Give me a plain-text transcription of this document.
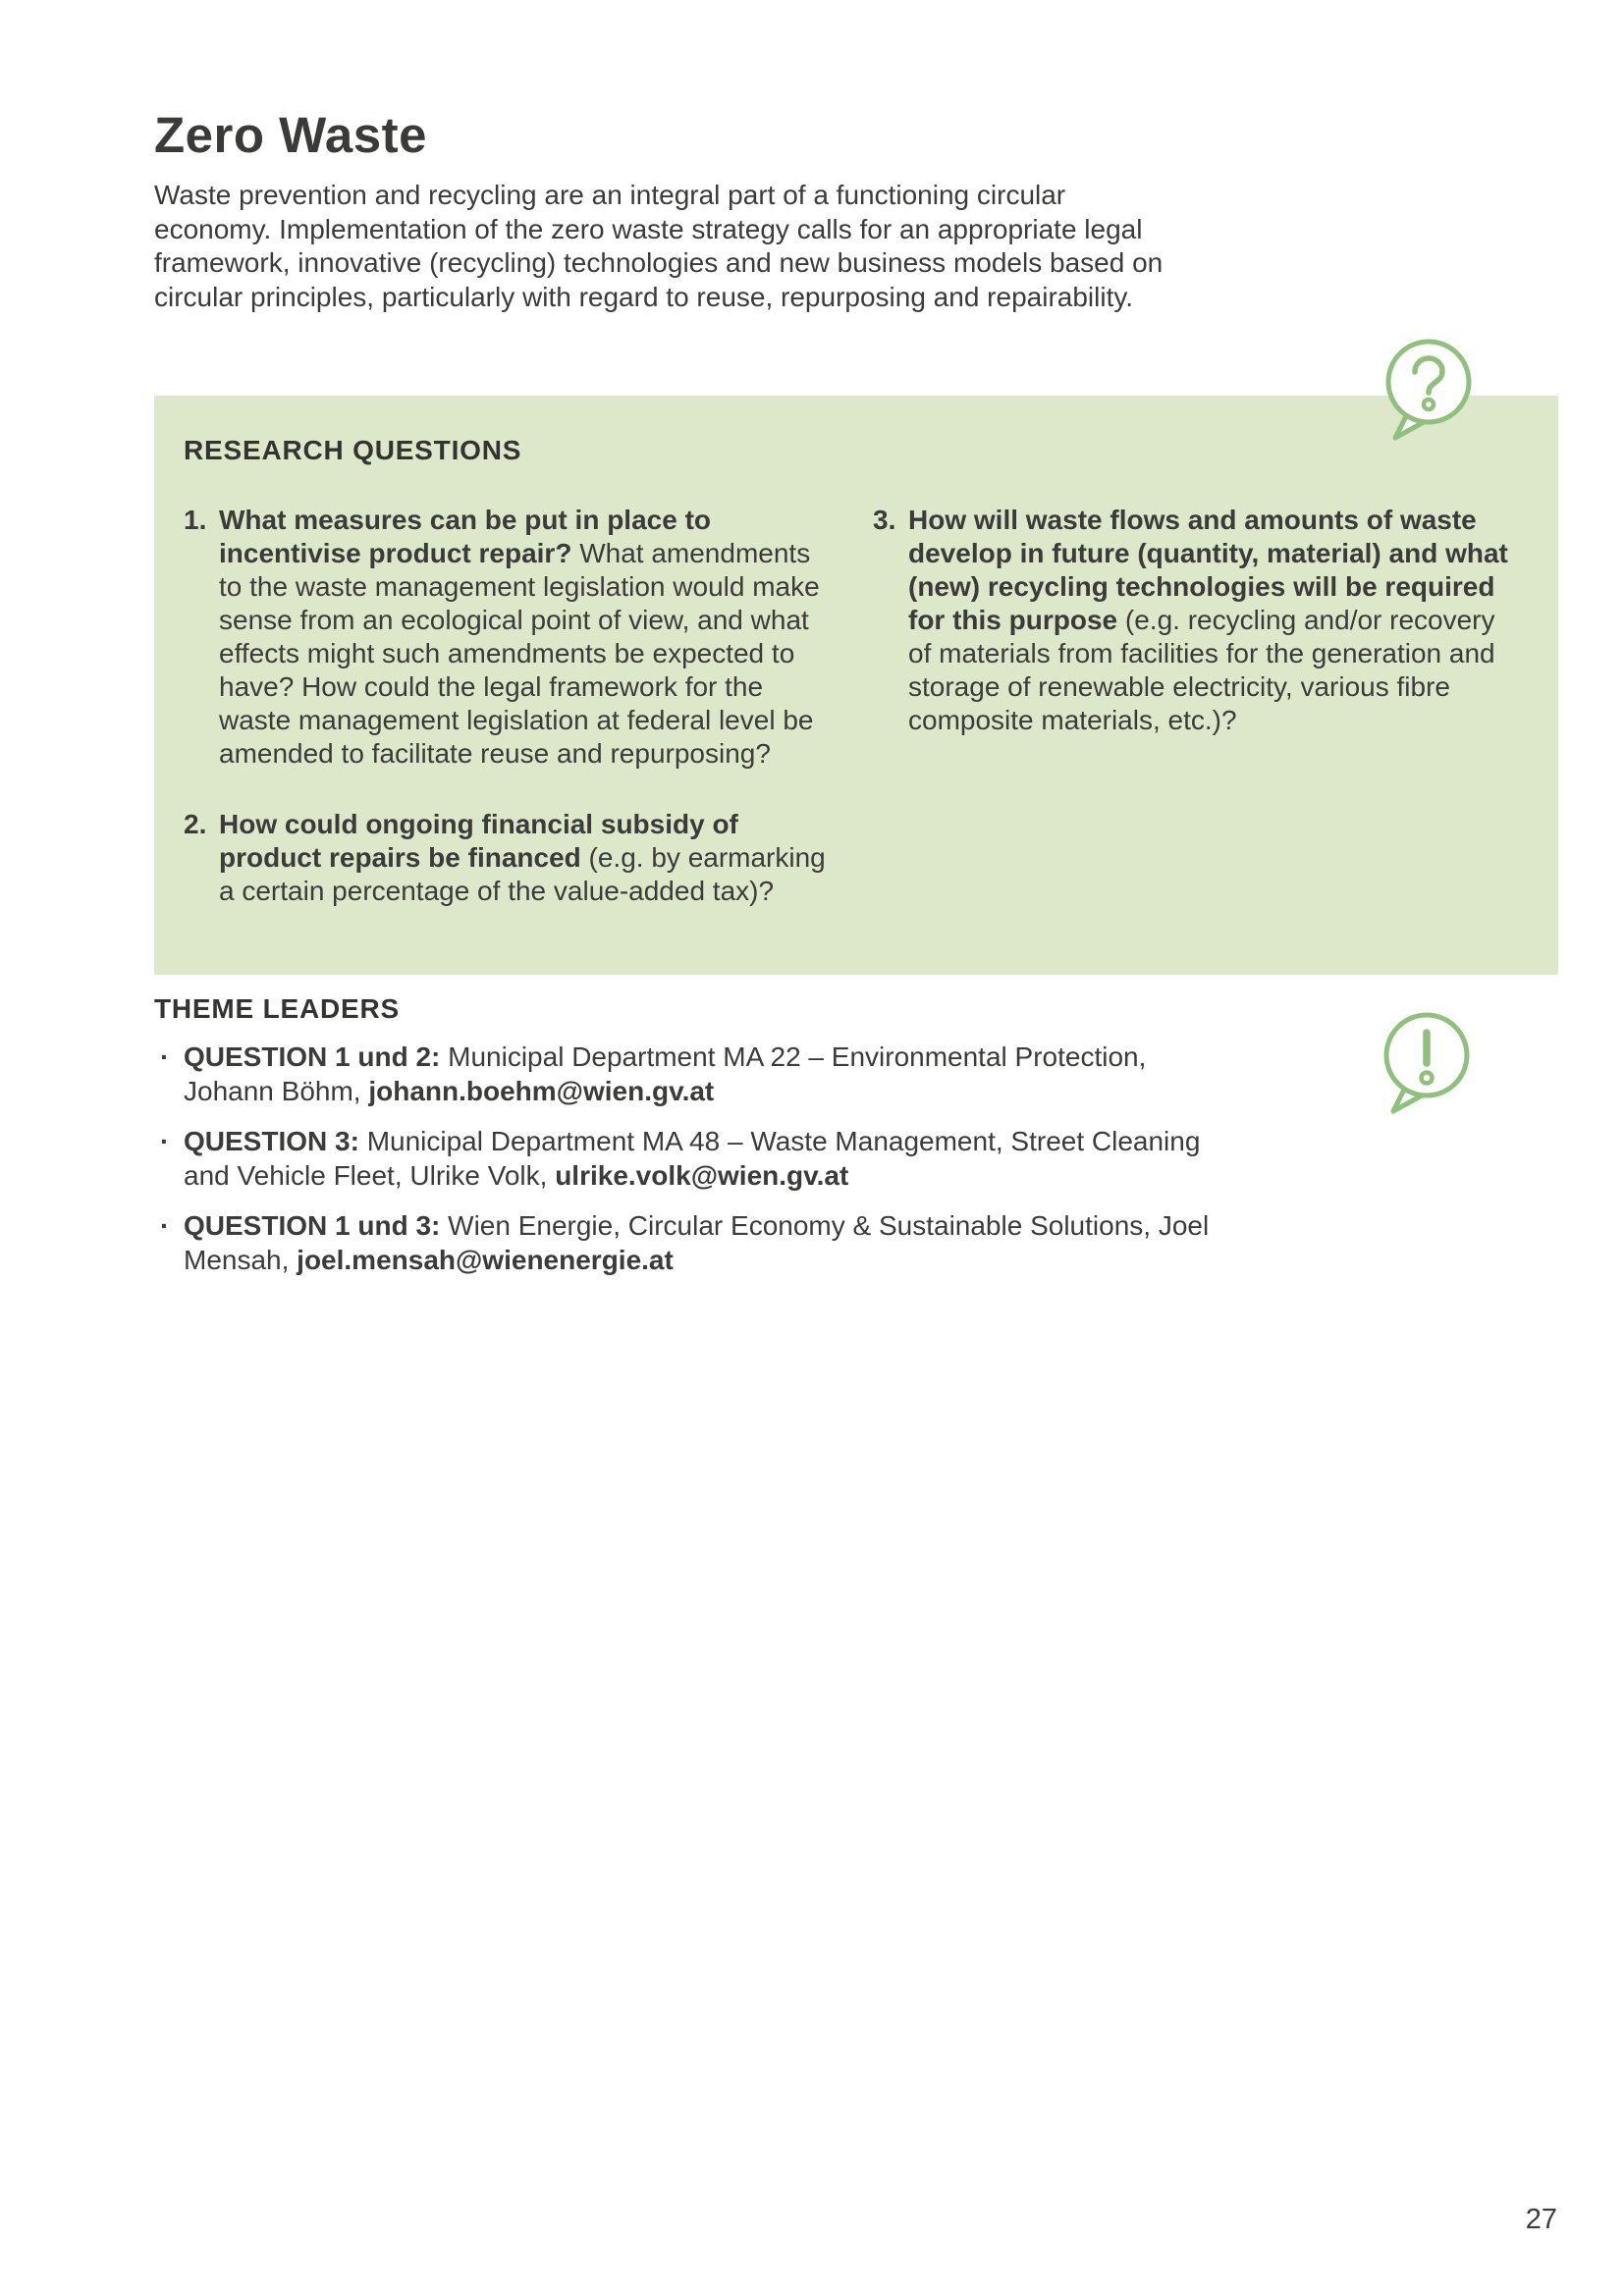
Zero Waste

Waste prevention and recycling are an integral part of a functioning circular economy. Implementation of the zero waste strategy calls for an appropriate legal framework, innovative (recycling) technologies and new business models based on circular principles, particularly with regard to reuse, repurposing and repairability.

RESEARCH QUESTIONS
1. What measures can be put in place to incentivise product repair? What amendments to the waste management legislation would make sense from an ecological point of view, and what effects might such amendments be expected to have? How could the legal framework for the waste management legislation at federal level be amended to facilitate reuse and repurposing?
2. How could ongoing financial subsidy of product repairs be financed (e.g. by earmarking a certain percentage of the value-added tax)?
3. How will waste flows and amounts of waste develop in future (quantity, material) and what (new) recycling technologies will be required for this purpose (e.g. recycling and/or recovery of materials from facilities for the generation and storage of renewable electricity, various fibre composite materials, etc.)?
THEME LEADERS
· QUESTION 1 und 2: Municipal Department MA 22 – Environmental Protection, Johann Böhm, johann.boehm@wien.gv.at
· QUESTION 3: Municipal Department MA 48 – Waste Management, Street Cleaning and Vehicle Fleet, Ulrike Volk, ulrike.volk@wien.gv.at
· QUESTION 1 und 3: Wien Energie, Circular Economy & Sustainable Solutions, Joel Mensah, joel.mensah@wienenergie.at
27
